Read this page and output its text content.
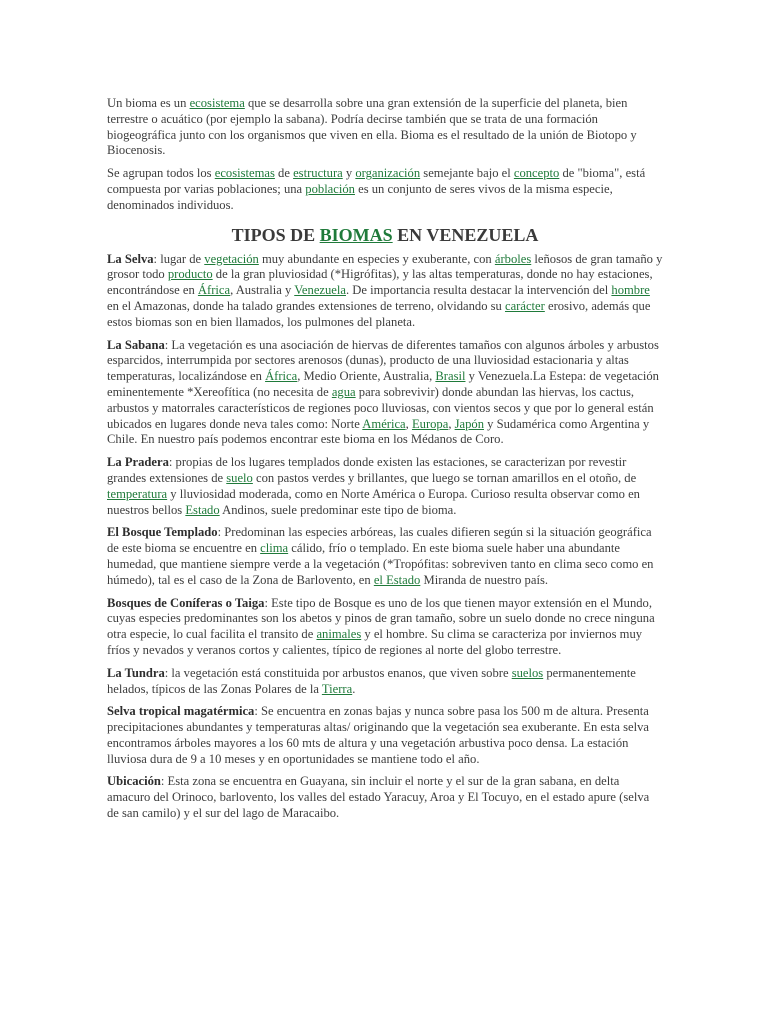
Un bioma es un ecosistema que se desarrolla sobre una gran extensión de la superficie del planeta, bien terrestre o acuático (por ejemplo la sabana). Podría decirse también que se trata de una formación biogeográfica junto con los organismos que viven en ella. Bioma es el resultado de la unión de Biotopo y Biocenosis.

Se agrupan todos los ecosistemas de estructura y organización semejante bajo el concepto de "bioma", está compuesta por varias poblaciones; una población es un conjunto de seres vivos de la misma especie, denominados individuos.

TIPOS DE BIOMAS EN VENEZUELA

La Selva: lugar de vegetación muy abundante en especies y exuberante, con árboles leñosos de gran tamaño y grosor todo producto de la gran pluviosidad (*Higrófitas), y las altas temperaturas, donde no hay estaciones, encontrándose en África, Australia y Venezuela. De importancia resulta destacar la intervención del hombre en el Amazonas, donde ha talado grandes extensiones de terreno, olvidando su carácter erosivo, además que estos biomas son en bien llamados, los pulmones del planeta.

La Sabana: La vegetación es una asociación de hiervas de diferentes tamaños con algunos árboles y arbustos esparcidos, interrumpida por sectores arenosos (dunas), producto de una lluviosidad estacionaria y altas temperaturas, localizándose en África, Medio Oriente, Australia, Brasil y Venezuela.La Estepa: de vegetación eminentemente *Xereofítica (no necesita de agua para sobrevivir) donde abundan las hiervas, los cactus, arbustos y matorrales característicos de regiones poco lluviosas, con vientos secos y que por lo general están ubicados en lugares donde neva tales como: Norte América, Europa, Japón y Sudamérica como Argentina y Chile. En nuestro país podemos encontrar este bioma en los Médanos de Coro.

La Pradera: propias de los lugares templados donde existen las estaciones, se caracterizan por revestir grandes extensiones de suelo con pastos verdes y brillantes, que luego se tornan amarillos en el otoño, de temperatura y lluviosidad moderada, como en Norte América o Europa. Curioso resulta observar como en nuestros bellos Estado Andinos, suele predominar este tipo de bioma.

El Bosque Templado: Predominan las especies arbóreas, las cuales difieren según si la situación geográfica de este bioma se encuentre en clima cálido, frío o templado. En este bioma suele haber una abundante humedad, que mantiene siempre verde a la vegetación (*Tropófitas: sobreviven tanto en clima seco como en húmedo), tal es el caso de la Zona de Barlovento, en el Estado Miranda de nuestro país.

Bosques de Coníferas o Taiga: Este tipo de Bosque es uno de los que tienen mayor extensión en el Mundo, cuyas especies predominantes son los abetos y pinos de gran tamaño, sobre un suelo donde no crece ninguna otra especie, lo cual facilita el transito de animales y el hombre. Su clima se caracteriza por inviernos muy fríos y nevados y veranos cortos y calientes, típico de regiones al norte del globo terrestre.

La Tundra: la vegetación está constituida por arbustos enanos, que viven sobre suelos permanentemente helados, típicos de las Zonas Polares de la Tierra.

Selva tropical magatérmica: Se encuentra en zonas bajas y nunca sobre pasa los 500 m de altura. Presenta precipitaciones abundantes y temperaturas altas/ originando que la vegetación sea exuberante. En esta selva encontramos árboles mayores a los 60 mts de altura y una vegetación arbustiva poco densa. La estación lluviosa dura de 9 a 10 meses y en oportunidades se mantiene todo el año.

Ubicación: Esta zona se encuentra en Guayana, sin incluir el norte y el sur de la gran sabana, en delta amacuro del Orinoco, barlovento, los valles del estado Yaracuy, Aroa y El Tocuyo, en el estado apure (selva de san camilo) y el sur del lago de Maracaibo.
